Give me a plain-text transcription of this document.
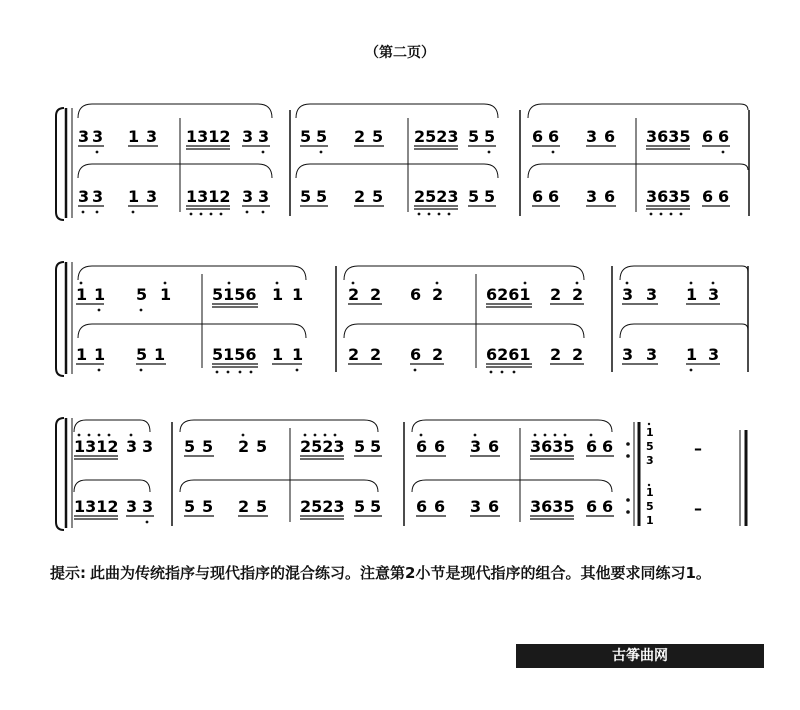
（第二页）
3 3 1 3 1312 3 3
3 3 1 3 1312 3 3
5 5 2 5 2523 5 5
5 5 2 5 2523 5 5
6 6 3 6 3635 6 6
6 6 3 6 3635 6 6
1 1 5 1	5156 1 1
1 1 5 1	5156 1 1
2 2 6 2	6261 2 2
2 2 6 2	6261 2 2
3 3 1 3
3 3 1 3
1312 3 3
1312 3 3
5 5 2 5 2523 5 5
5 5 2 5 2523 5 5
6 6 3 6 3635 6 6
6 6 3 6 3635 6 6
1
5
3
–
1
5
1
–
提示: 此曲为传统指序与现代指序的混合练习。注意第2小节是现代指序的组合。其他要求同练习1。
古筝曲网 www.guzheng114.com
